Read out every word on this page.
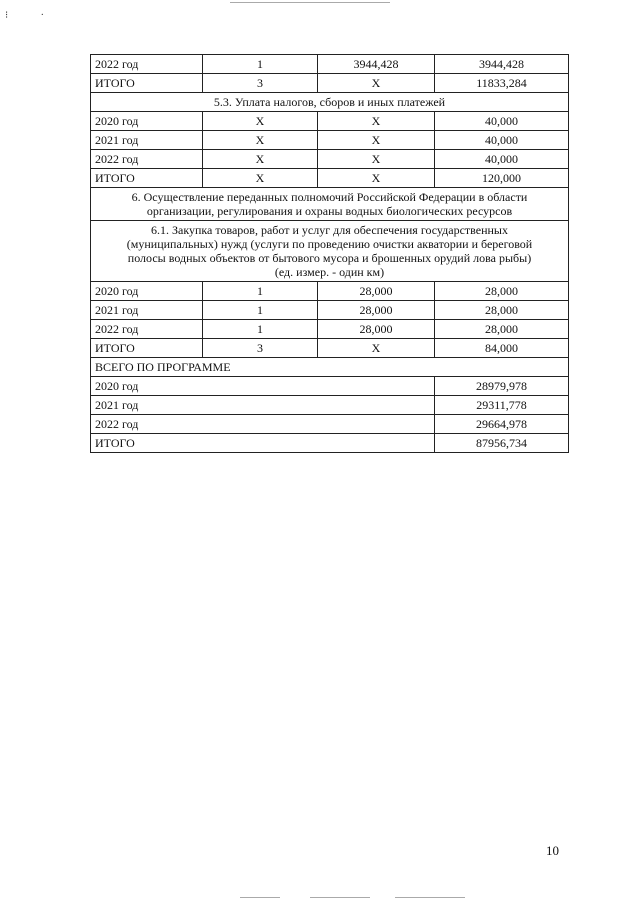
⁝             ·
2022 год	1	3944,428	3944,428
ИТОГО	3	Х	11833,284
5.3. Уплата налогов, сборов и иных платежей			
2020 год	Х	Х	40,000
2021 год	Х	Х	40,000
2022 год	Х	Х	40,000
ИТОГО	Х	Х	120,000

6. Осуществление переданных полномочий Российской Федерации в области
организации, регулирования и охраны водных биологических ресурсов			

6.1. Закупка товаров, работ и услуг для обеспечения государственных
(муниципальных) нужд (услуги по проведению очистки акватории и береговой
полосы водных объектов от бытового мусора и брошенных орудий лова рыбы)
(ед. измер. - один км)			

2020 год	1	28,000	28,000
2021 год	1	28,000	28,000
2022 год	1	28,000	28,000
ИТОГО	3	Х	84,000
ВСЕГО ПО ПРОГРАММЕ			
2020 год			28979,978
2021 год			29311,778
2022 год			29664,978
ИТОГО			87956,734
10
